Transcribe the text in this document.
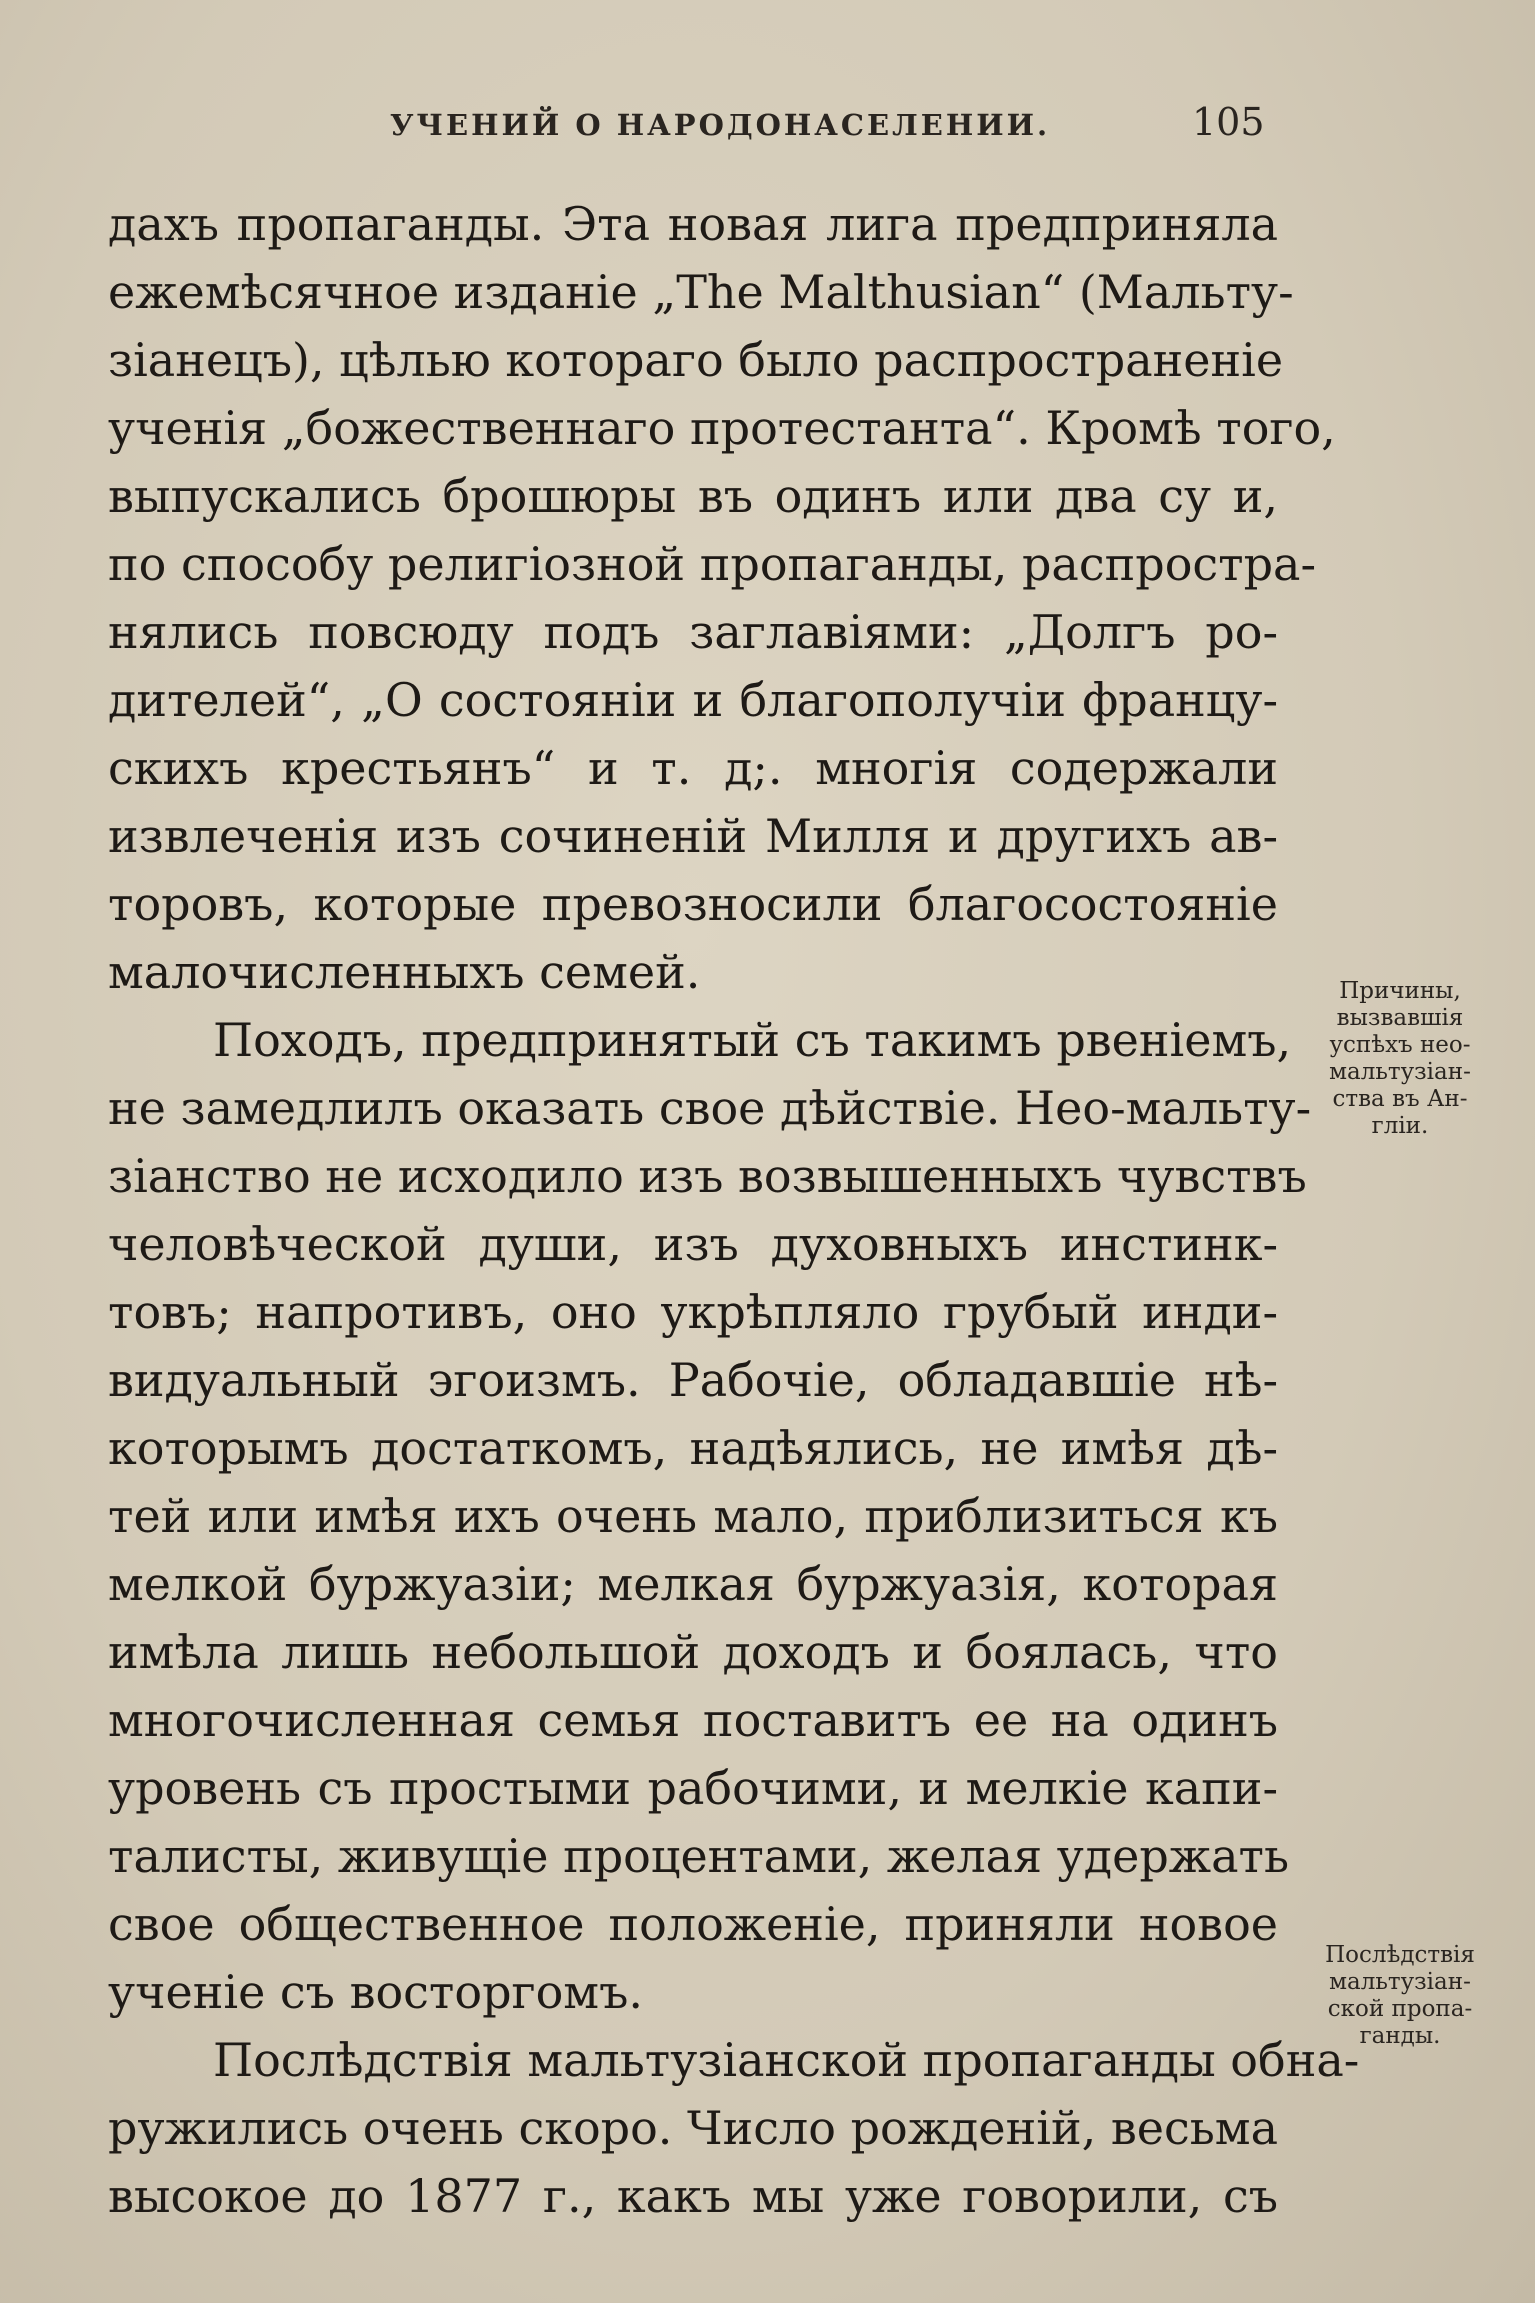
УЧЕНИЙ О НАРОДОНАСЕЛЕНИИ.	105
дахъ пропаганды. Эта новая лига предприняла
ежемѣсячное изданiе „The Malthusian“ (Мальту-
зiанецъ), цѣлью котораго было распространенiе
ученiя „божественнаго протестанта“. Кромѣ того,
выпускались брошюры въ одинъ или два су и,
по способу религiозной пропаганды, распростра-
нялись повсюду подъ заглавiями: „Долгъ ро-
дителей“, „О состоянiи и благополучiи францу-
скихъ крестьянъ“ и т. д;. многiя содержали
извлеченiя изъ сочиненiй Милля и другихъ ав-
торовъ, которые превозносили благосостоянiе
малочисленныхъ семей.
Походъ, предпринятый съ такимъ рвенiемъ,
не замедлилъ оказать свое дѣйствiе. Нео-мальту-
зiанство не исходило изъ возвышенныхъ чувствъ
человѣческой души, изъ духовныхъ инстинк-
товъ; напротивъ, оно укрѣпляло грубый инди-
видуальный эгоизмъ. Рабочiе, обладавшiе нѣ-
которымъ достаткомъ, надѣялись, не имѣя дѣ-
тей или имѣя ихъ очень мало, приблизиться къ
мелкой буржуазiи; мелкая буржуазiя, которая
имѣла лишь небольшой доходъ и боялась, что
многочисленная семья поставитъ ее на одинъ
уровень съ простыми рабочими, и мелкiе капи-
талисты, живущiе процентами, желая удержать
свое общественное положенiе, приняли новое
ученiе съ восторгомъ.
Послѣдствiя мальтузiанской пропаганды обна-
ружились очень скоро. Число рожденiй, весьма
высокое до 1877 г., какъ мы уже говорили, съ
Причины,
вызвавшiя
успѣхъ нео-
мальтузiан-
ства въ Ан-
глiи.
Послѣдствiя
мальтузiан-
ской пропа-
ганды.
